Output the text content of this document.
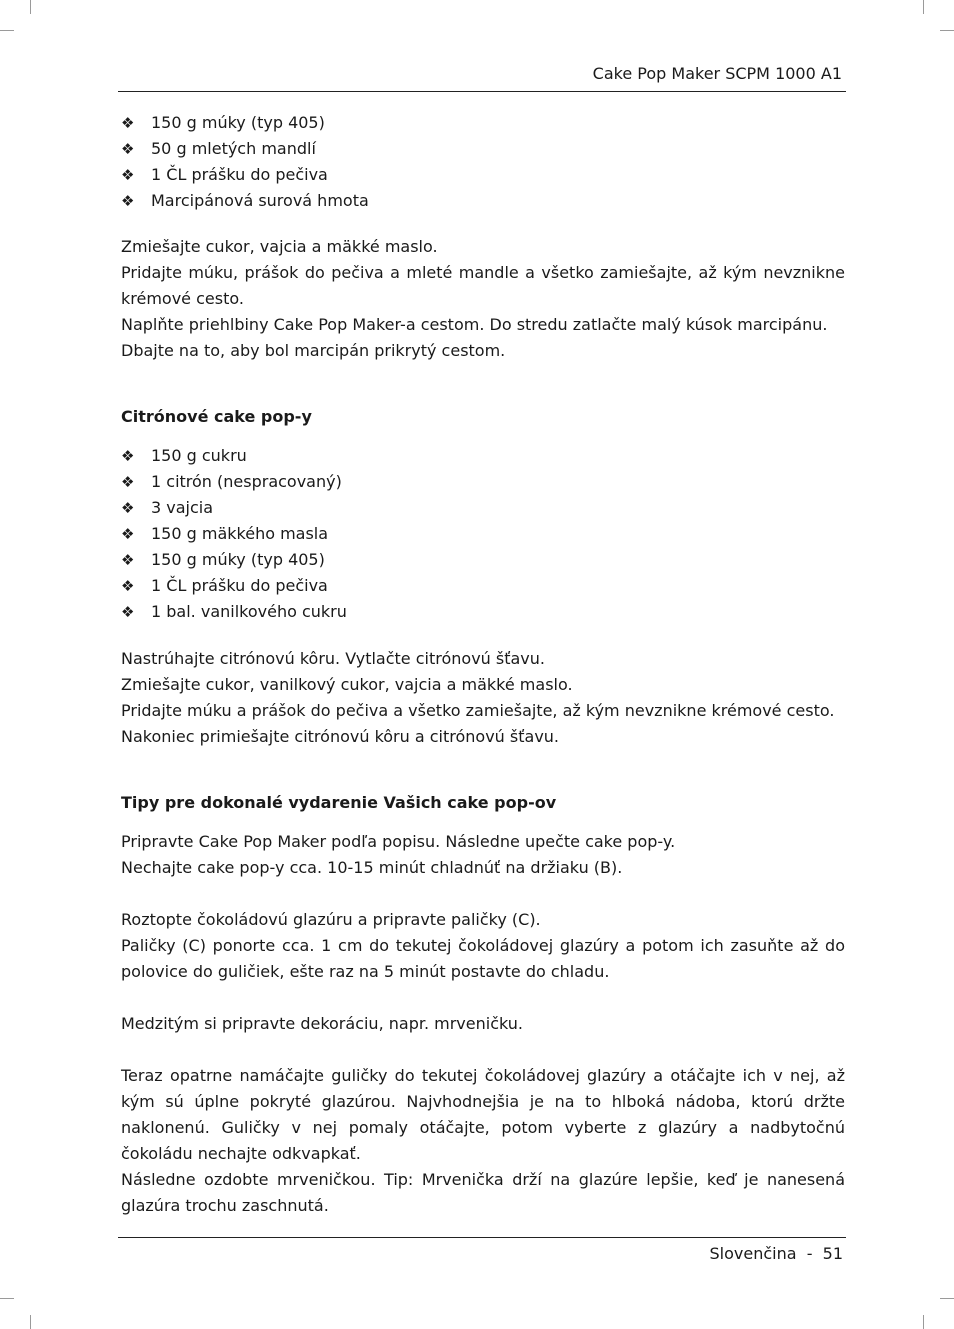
Cake Pop Maker SCPM 1000 A1
❖ 150 g múky (typ 405)
❖ 50 g mletých mandlí
❖ 1 ČL prášku do pečiva
❖ Marcipánová surová hmota

Zmiešajte cukor, vajcia a mäkké maslo.

Pridajte múku, prášok do pečiva a mleté mandle a všetko zamiešajte, až kým nevznikne krémové cesto.

Naplňte priehlbiny Cake Pop Maker-a cestom. Do stredu zatlačte malý kúsok marcipánu.

Dbajte na to, aby bol marcipán prikrytý cestom.

Citrónové cake pop-y
❖ 150 g cukru
❖ 1 citrón (nespracovaný)
❖ 3 vajcia
❖ 150 g mäkkého masla
❖ 150 g múky (typ 405)
❖ 1 ČL prášku do pečiva
❖ 1 bal. vanilkového cukru

Nastrúhajte citrónovú kôru. Vytlačte citrónovú šťavu.

Zmiešajte cukor, vanilkový cukor, vajcia a mäkké maslo.

Pridajte múku a prášok do pečiva a všetko zamiešajte, až kým nevznikne krémové cesto.

Nakoniec primiešajte citrónovú kôru a citrónovú šťavu.

Tipy pre dokonalé vydarenie Vašich cake pop-ov

Pripravte Cake Pop Maker podľa popisu. Následne upečte cake pop-y.

Nechajte cake pop-y cca. 10-15 minút chladnúť na držiaku (B).

Roztopte čokoládovú glazúru a pripravte paličky (C).

Paličky (C) ponorte cca. 1 cm do tekutej čokoládovej glazúry a potom ich zasuňte až do polovice do guličiek, ešte raz na 5 minút postavte do chladu.

Medzitým si pripravte dekoráciu, napr. mrveničku.

Teraz opatrne namáčajte guličky do tekutej čokoládovej glazúry a otáčajte ich v nej, až kým sú úplne pokryté glazúrou. Najvhodnejšia je na to hlboká nádoba, ktorú držte naklonenú. Guličky v nej pomaly otáčajte, potom vyberte z glazúry a nadbytočnú čokoládu nechajte odkvapkať.

Následne ozdobte mrveničkou. Tip: Mrvenička drží na glazúre lepšie, keď je nanesená glazúra trochu zaschnutá.

Slovenčina  -  51
